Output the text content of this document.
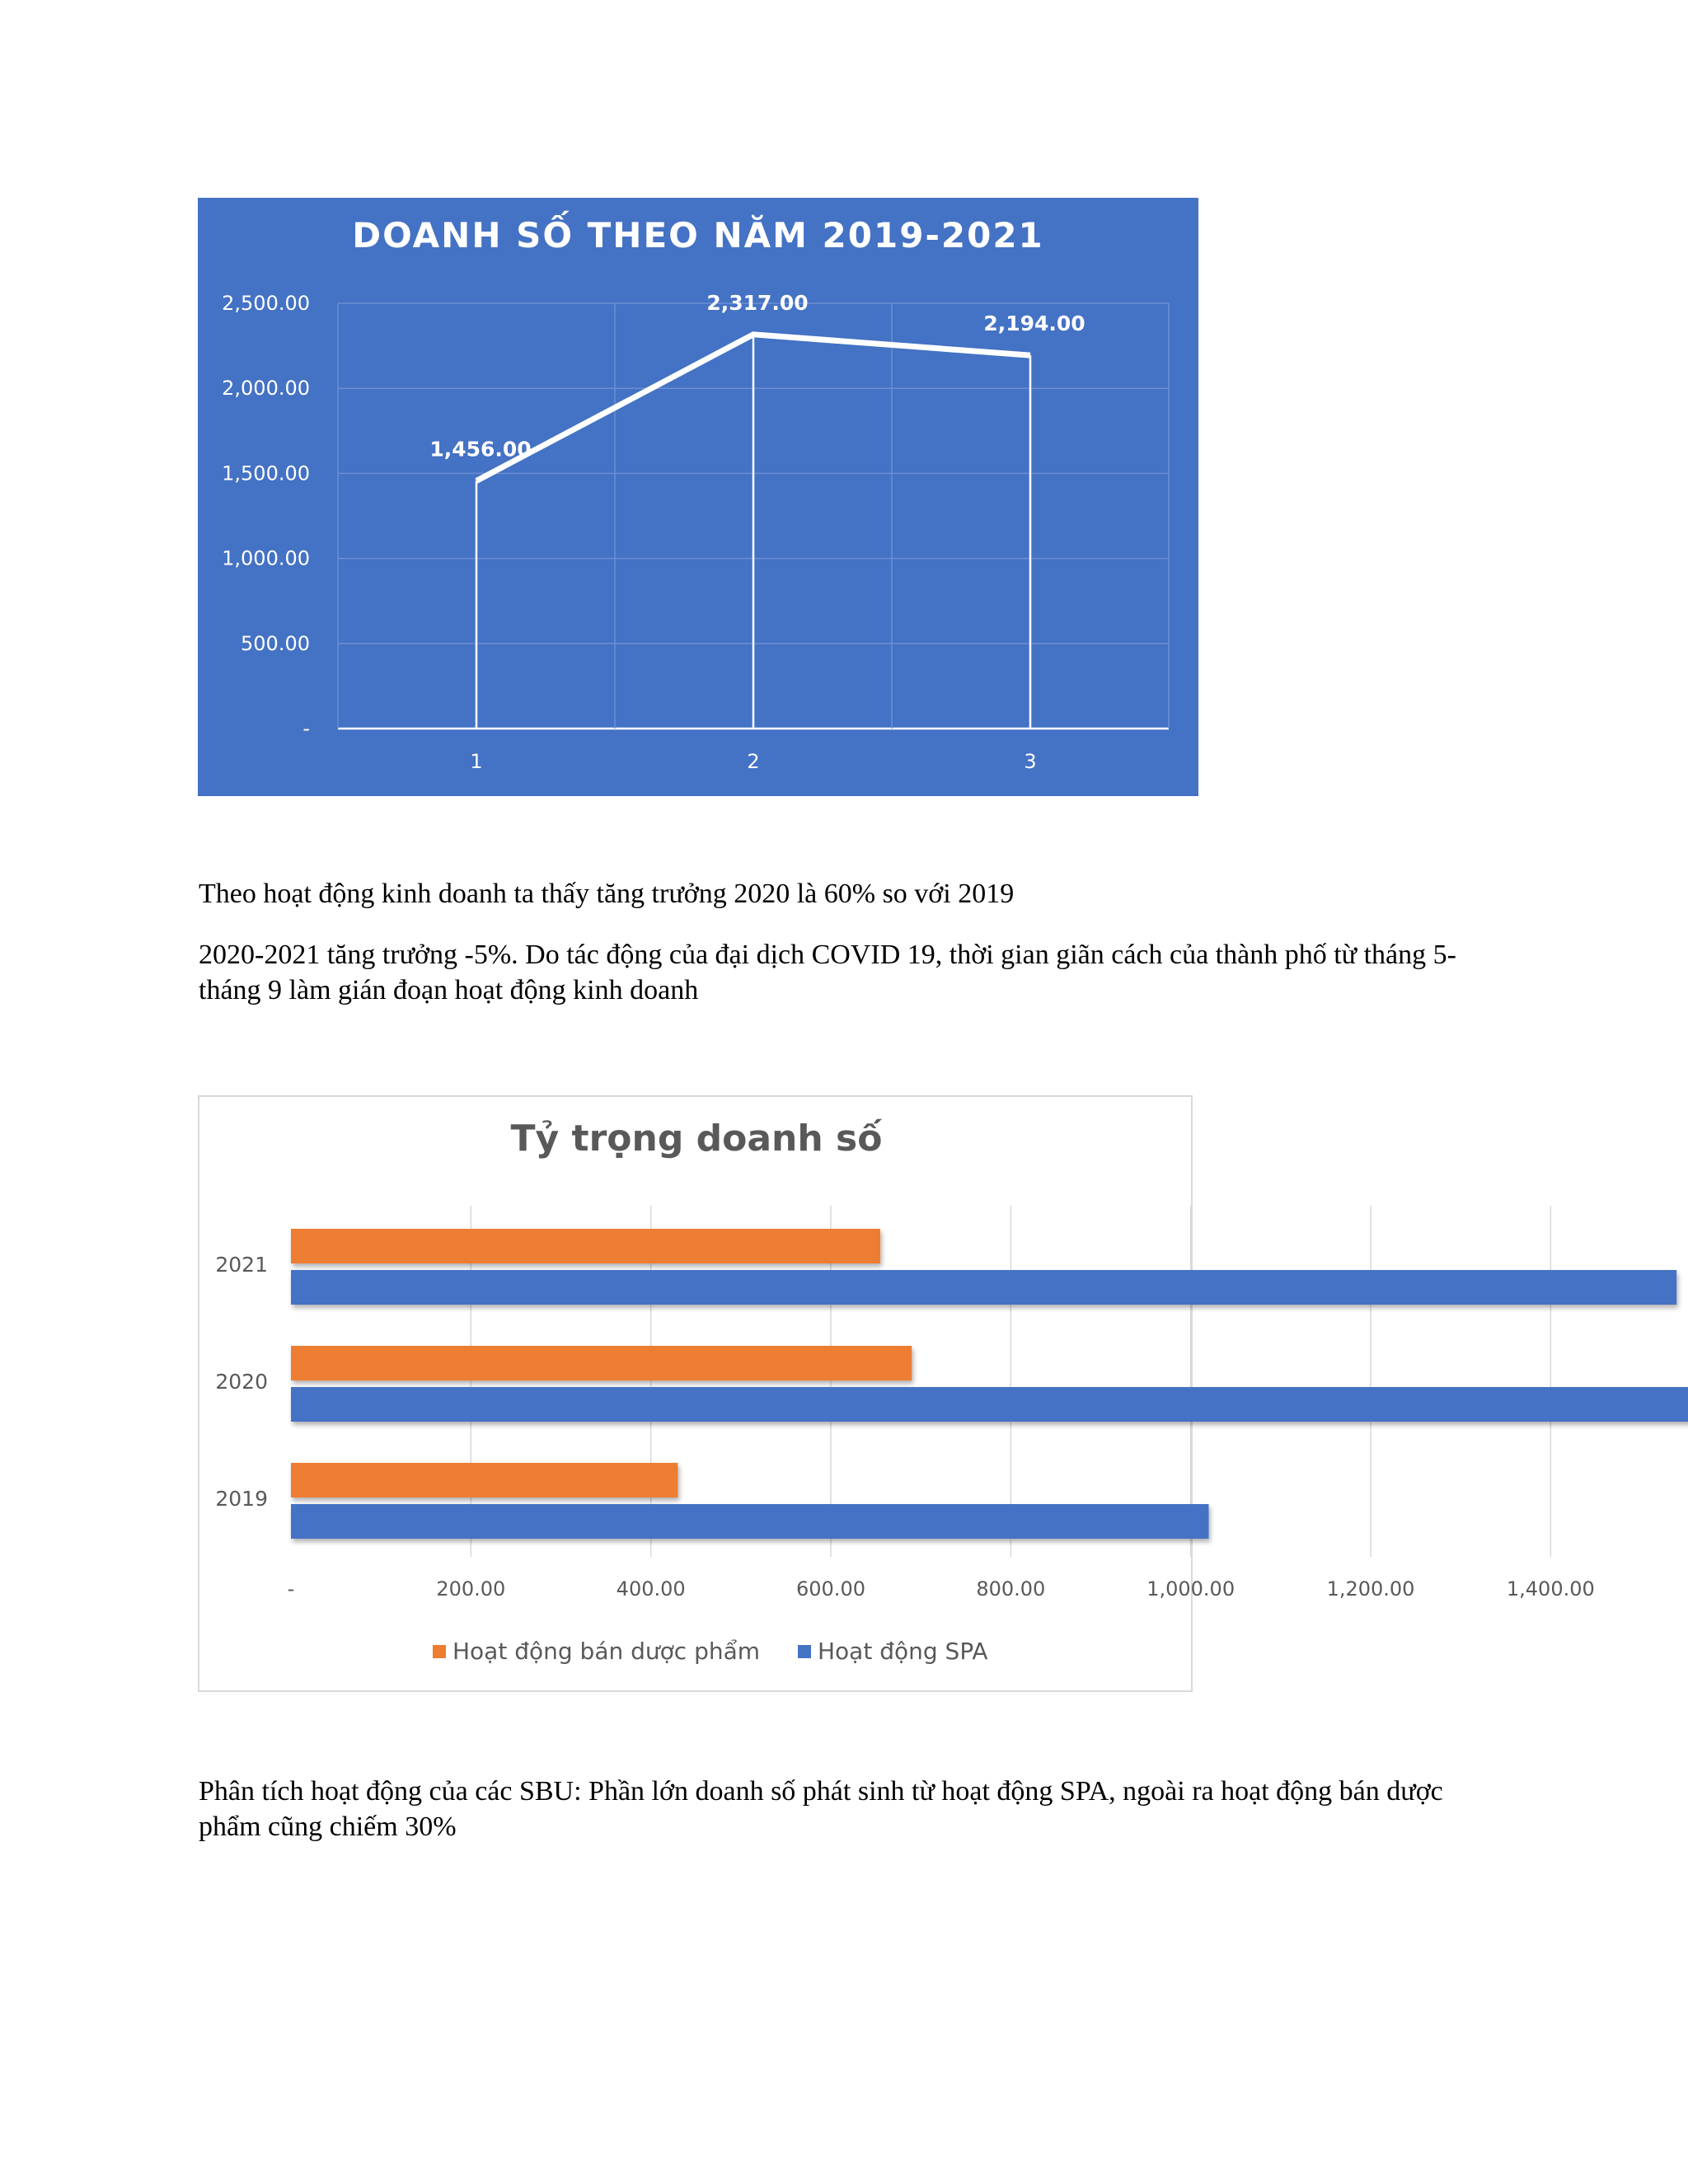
DOANH SỐ THEO NĂM 2019-2021
-
500.00
1,000.00
1,500.00
2,000.00
2,500.00
1	2	3
1,456.00
2,317.00
2,194.00

Theo hoạt động kinh doanh ta thấy tăng trưởng 2020 là 60% so với 2019

2020-2021 tăng trưởng -5%. Do tác động của đại dịch COVID 19, thời gian giãn cách của thành phố từ tháng 5-tháng 9 làm gián đoạn hoạt động kinh doanh

Tỷ trọng doanh số
-	200.00	400.00	600.00	800.00	1,000.00	1,200.00	1,400.00
2019
2020
2021
Hoạt động bán dược phẩm Hoạt động SPA

Phân tích hoạt động của các SBU: Phần lớn doanh số phát sinh từ hoạt động SPA, ngoài ra hoạt động bán dược phẩm cũng chiếm 30%
